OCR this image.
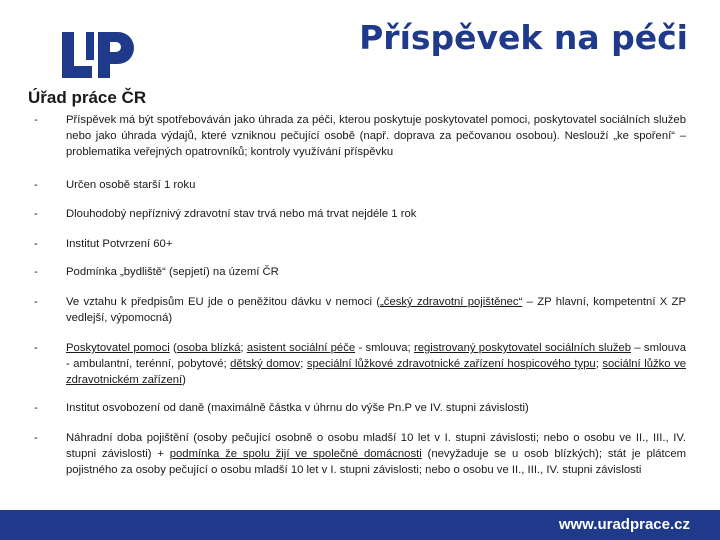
Úřad práce ČR
Příspěvek na péči
-	Příspěvek má být spotřebováván jako úhrada za péči, kterou poskytuje poskytovatel pomoci, poskytovatel sociálních služeb nebo jako úhrada výdajů, které vzniknou pečující osobě (např. doprava za pečovanou osobou). Neslouží „ke spoření“ – problematika veřejných opatrovníků; kontroly využívání příspěvku
-	Určen osobě starší 1 roku
-	Dlouhodobý nepříznivý zdravotní stav trvá nebo má trvat nejdéle 1 rok
-	Institut Potvrzení 60+
-	Podmínka „bydliště“ (sepjetí) na území ČR
-	Ve vztahu k předpisům EU jde o peněžitou dávku v nemoci („český zdravotní pojištěnec“ – ZP hlavní, kompetentní X ZP vedlejší, výpomocná)
-	Poskytovatel pomoci (osoba blízká; asistent sociální péče - smlouva; registrovaný poskytovatel sociálních služeb – smlouva - ambulantní, terénní, pobytové; dětský domov; speciální lůžkové zdravotnické zařízení hospicového typu; sociální lůžko ve zdravotnickém zařízení)
-	Institut osvobození od daně (maximálně částka v úhrnu do výše Pn.P ve IV. stupni závislosti)
-	Náhradní doba pojištění (osoby pečující osobně o osobu mladší 10 let v I. stupni závislosti; nebo o osobu ve II., III., IV. stupni závislosti) + podmínka že spolu žijí ve společné domácnosti (nevyžaduje se u osob blízkých); stát je plátcem pojistného za osoby pečující o osobu mladší 10 let v I. stupni závislosti; nebo o osobu ve II., III., IV. stupni závislosti
www.uradprace.cz
